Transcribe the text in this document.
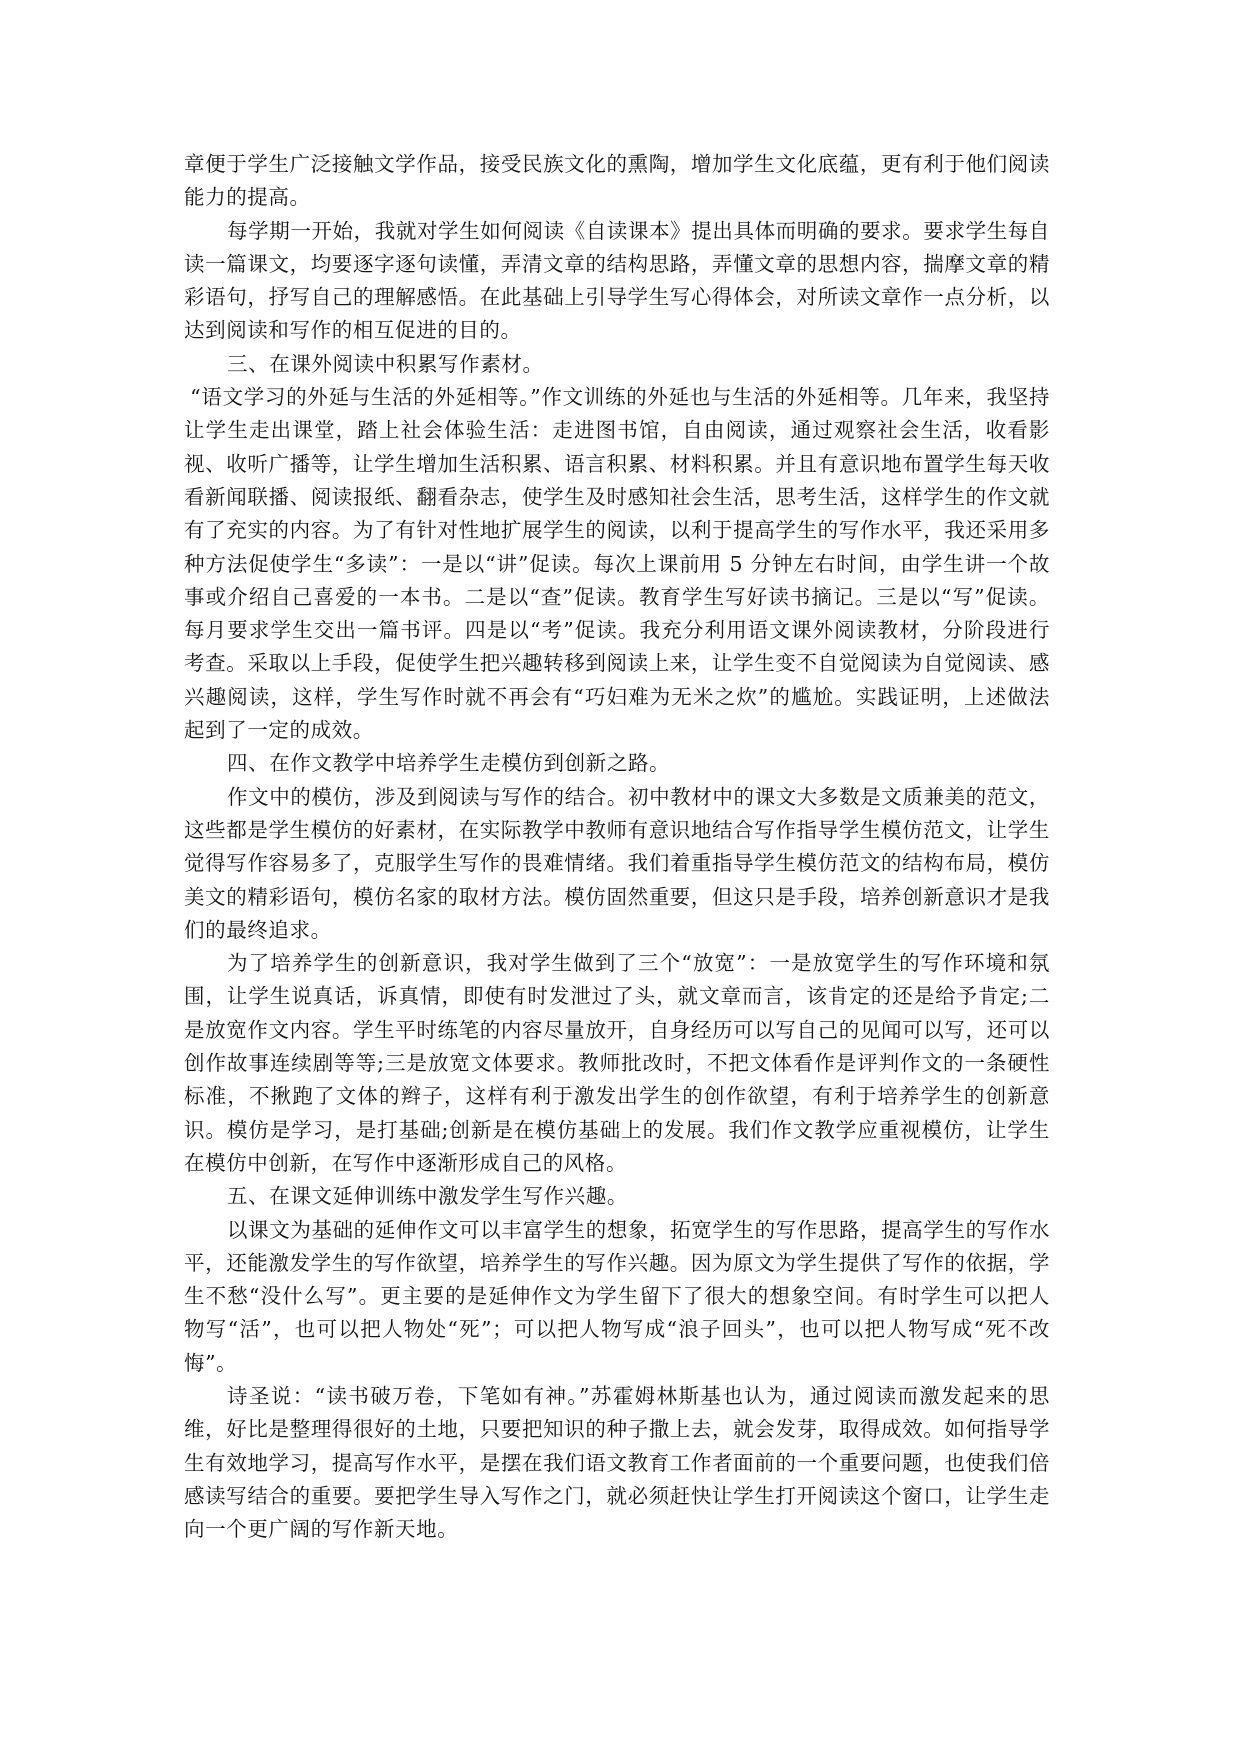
章便于学生广泛接触文学作品，接受民族文化的熏陶，增加学生文化底蕴，更有利于他们阅读能力的提高。

每学期一开始，我就对学生如何阅读《自读课本》提出具体而明确的要求。要求学生每自读一篇课文，均要逐字逐句读懂，弄清文章的结构思路，弄懂文章的思想内容，揣摩文章的精彩语句，抒写自己的理解感悟。在此基础上引导学生写心得体会，对所读文章作一点分析，以达到阅读和写作的相互促进的目的。

三、在课外阅读中积累写作素材。

“语文学习的外延与生活的外延相等。”作文训练的外延也与生活的外延相等。几年来，我坚持让学生走出课堂，踏上社会体验生活：走进图书馆，自由阅读，通过观察社会生活，收看影视、收听广播等，让学生增加生活积累、语言积累、材料积累。并且有意识地布置学生每天收看新闻联播、阅读报纸、翻看杂志，使学生及时感知社会生活，思考生活，这样学生的作文就有了充实的内容。为了有针对性地扩展学生的阅读，以利于提高学生的写作水平，我还采用多种方法促使学生“多读”：一是以“讲”促读。每次上课前用 5 分钟左右时间，由学生讲一个故事或介绍自己喜爱的一本书。二是以“查”促读。教育学生写好读书摘记。三是以“写”促读。每月要求学生交出一篇书评。四是以“考”促读。我充分利用语文课外阅读教材，分阶段进行考查。采取以上手段，促使学生把兴趣转移到阅读上来，让学生变不自觉阅读为自觉阅读、感兴趣阅读，这样，学生写作时就不再会有“巧妇难为无米之炊”的尴尬。实践证明，上述做法起到了一定的成效。

四、在作文教学中培养学生走模仿到创新之路。

作文中的模仿，涉及到阅读与写作的结合。初中教材中的课文大多数是文质兼美的范文，这些都是学生模仿的好素材，在实际教学中教师有意识地结合写作指导学生模仿范文，让学生觉得写作容易多了，克服学生写作的畏难情绪。我们着重指导学生模仿范文的结构布局，模仿美文的精彩语句，模仿名家的取材方法。模仿固然重要，但这只是手段，培养创新意识才是我们的最终追求。

为了培养学生的创新意识，我对学生做到了三个“放宽”：一是放宽学生的写作环境和氛围，让学生说真话，诉真情，即使有时发泄过了头，就文章而言，该肯定的还是给予肯定;二是放宽作文内容。学生平时练笔的内容尽量放开，自身经历可以写自己的见闻可以写，还可以创作故事连续剧等等;三是放宽文体要求。教师批改时，不把文体看作是评判作文的一条硬性标准，不揪跑了文体的辫子，这样有利于激发出学生的创作欲望，有利于培养学生的创新意识。模仿是学习，是打基础;创新是在模仿基础上的发展。我们作文教学应重视模仿，让学生在模仿中创新，在写作中逐渐形成自己的风格。

五、在课文延伸训练中激发学生写作兴趣。

以课文为基础的延伸作文可以丰富学生的想象，拓宽学生的写作思路，提高学生的写作水平，还能激发学生的写作欲望，培养学生的写作兴趣。因为原文为学生提供了写作的依据，学生不愁“没什么写”。更主要的是延伸作文为学生留下了很大的想象空间。有时学生可以把人物写“活”，也可以把人物处“死”；可以把人物写成“浪子回头”，也可以把人物写成“死不改悔”。

诗圣说：“读书破万卷，下笔如有神。”苏霍姆林斯基也认为，通过阅读而激发起来的思维，好比是整理得很好的土地，只要把知识的种子撒上去，就会发芽，取得成效。如何指导学生有效地学习，提高写作水平，是摆在我们语文教育工作者面前的一个重要问题，也使我们倍感读写结合的重要。要把学生导入写作之门，就必须赶快让学生打开阅读这个窗口，让学生走向一个更广阔的写作新天地。
